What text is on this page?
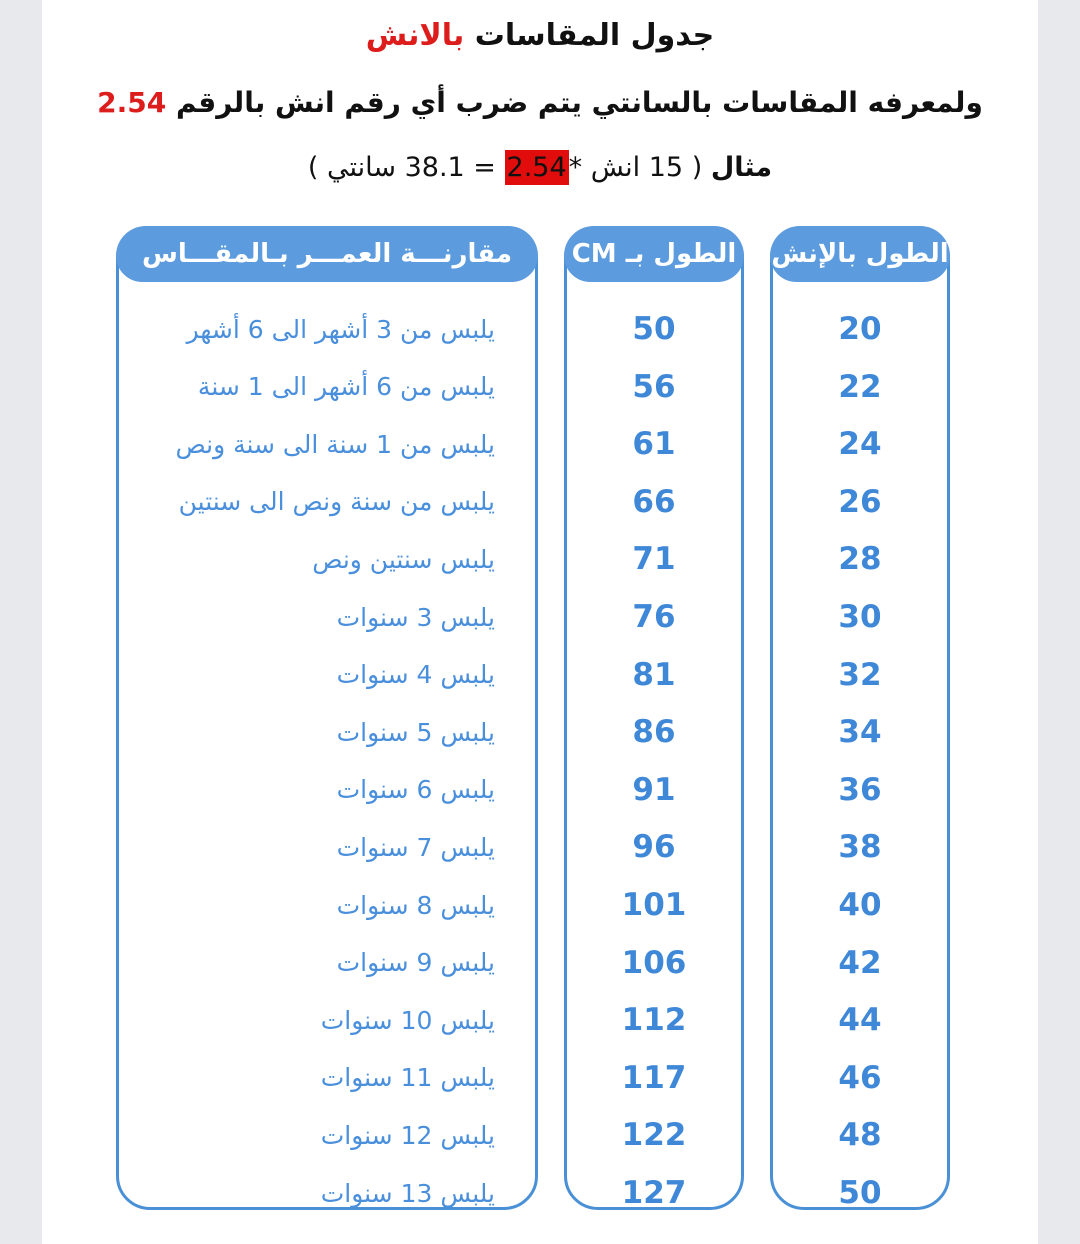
جدول المقاسات بالانش
ولمعرفه المقاسات بالسانتي يتم ضرب أي رقم انش بالرقم 2.54
مثال ( 15 انش *2.54 = 38.1 سانتي )
الطول بالإنش
20
22
24
26
28
30
32
34
36
38
40
42
44
46
48
50
الطول بـ CM
50
56
61
66
71
76
81
86
91
96
101
106
112
117
122
127
مقارنـــة العمـــر بـالمقـــاس
يلبس من 3 أشهر الى 6 أشهر
يلبس من 6 أشهر الى 1 سنة
يلبس من 1 سنة الى سنة ونص
يلبس من سنة ونص الى سنتين
يلبس سنتين ونص
يلبس 3 سنوات
يلبس 4 سنوات
يلبس 5 سنوات
يلبس 6 سنوات
يلبس 7 سنوات
يلبس 8 سنوات
يلبس 9 سنوات
يلبس 10 سنوات
يلبس 11 سنوات
يلبس 12 سنوات
يلبس 13 سنوات
